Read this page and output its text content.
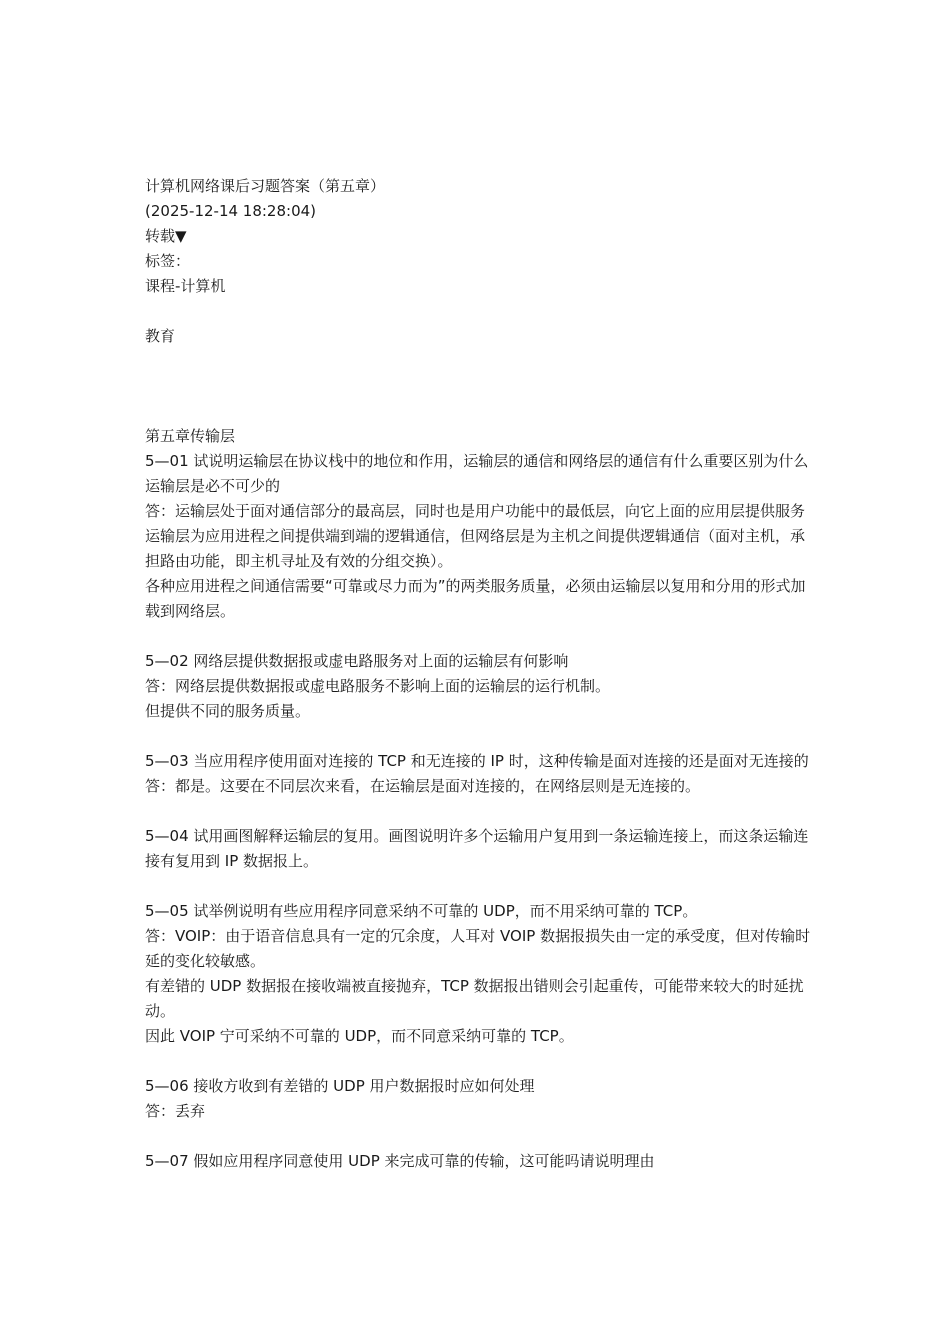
计算机网络课后习题答案（第五章）
(2025-12-14 18:28:04)
转载▼
标签：
课程-计算机
教育
第五章传输层
5—01 试说明运输层在协议栈中的地位和作用，运输层的通信和网络层的通信有什么重要区别为什么运输层是必不可少的
答：运输层处于面对通信部分的最高层，同时也是用户功能中的最低层，向它上面的应用层提供服务
运输层为应用进程之间提供端到端的逻辑通信，但网络层是为主机之间提供逻辑通信（面对主机，承担路由功能，即主机寻址及有效的分组交换）。
各种应用进程之间通信需要“可靠或尽力而为”的两类服务质量，必须由运输层以复用和分用的形式加载到网络层。
5—02 网络层提供数据报或虚电路服务对上面的运输层有何影响
答：网络层提供数据报或虚电路服务不影响上面的运输层的运行机制。
但提供不同的服务质量。
5—03 当应用程序使用面对连接的 TCP 和无连接的 IP 时，这种传输是面对连接的还是面对无连接的
答：都是。这要在不同层次来看，在运输层是面对连接的，在网络层则是无连接的。
5—04 试用画图解释运输层的复用。画图说明许多个运输用户复用到一条运输连接上，而这条运输连接有复用到 IP 数据报上。
5—05 试举例说明有些应用程序同意采纳不可靠的 UDP，而不用采纳可靠的 TCP。
答：VOIP：由于语音信息具有一定的冗余度，人耳对 VOIP 数据报损失由一定的承受度，但对传输时延的变化较敏感。
有差错的 UDP 数据报在接收端被直接抛弃，TCP 数据报出错则会引起重传，可能带来较大的时延扰动。
因此 VOIP 宁可采纳不可靠的 UDP，而不同意采纳可靠的 TCP。
5—06 接收方收到有差错的 UDP 用户数据报时应如何处理
答：丢弃
5—07 假如应用程序同意使用 UDP 来完成可靠的传输，这可能吗请说明理由
